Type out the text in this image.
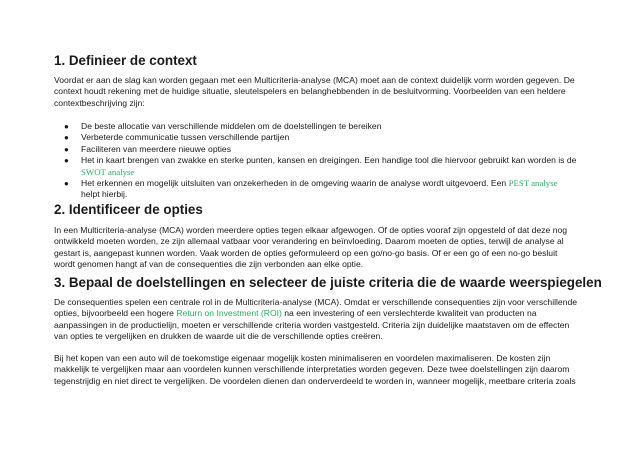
1. Definieer de context

Voordat er aan de slag kan worden gegaan met een Multicriteria-analyse (MCA) moet aan de context duidelijk vorm worden gegeven. De
context houdt rekening met de huidige situatie, sleutelspelers en belanghebbenden in de besluitvorming. Voorbeelden van een heldere
contextbeschrijving zijn:

● De beste allocatie van verschillende middelen om de doelstellingen te bereiken
● Verbeterde communicatie tussen verschillende partijen
● Faciliteren van meerdere nieuwe opties
● Het in kaart brengen van zwakke en sterke punten, kansen en dreigingen. Een handige tool die hiervoor gebruikt kan worden is de
SWOT analyse
● Het erkennen en mogelijk uitsluiten van onzekerheden in de omgeving waarin de analyse wordt uitgevoerd. Een PEST analyse
helpt hierbij.
2. Identificeer de opties

In een Multicriteria-analyse (MCA) worden meerdere opties tegen elkaar afgewogen. Of de opties vooraf zijn opgesteld of dat deze nog
ontwikkeld moeten worden, ze zijn allemaal vatbaar voor verandering en beïnvloeding. Daarom moeten de opties, terwijl de analyse al
gestart is, aangepast kunnen worden. Vaak worden de opties geformuleerd op een go/no-go basis. Of er een go of een no-go besluit
wordt genomen hangt af van de consequenties die zijn verbonden aan elke optie.

3. Bepaal de doelstellingen en selecteer de juiste criteria die de waarde weerspiegelen

De consequenties spelen een centrale rol in de Multicriteria-analyse (MCA). Omdat er verschillende consequenties zijn voor verschillende
opties, bijvoorbeeld een hogere Return on Investment (ROI) na een investering of een verslechterde kwaliteit van producten na
aanpassingen in de productielijn, moeten er verschillende criteria worden vastgesteld. Criteria zijn duidelijke maatstaven om de effecten
van opties te vergelijken en drukken de waarde uit die de verschillende opties creëren.

Bij het kopen van een auto wil de toekomstige eigenaar mogelijk kosten minimaliseren en voordelen maximaliseren. De kosten zijn
makkelijk te vergelijken maar aan voordelen kunnen verschillende interpretaties worden gegeven. Deze twee doelstellingen zijn daarom
tegenstrijdig en niet direct te vergelijken. De voordelen dienen dan onderverdeeld te worden in, wanneer mogelijk, meetbare criteria zoals
